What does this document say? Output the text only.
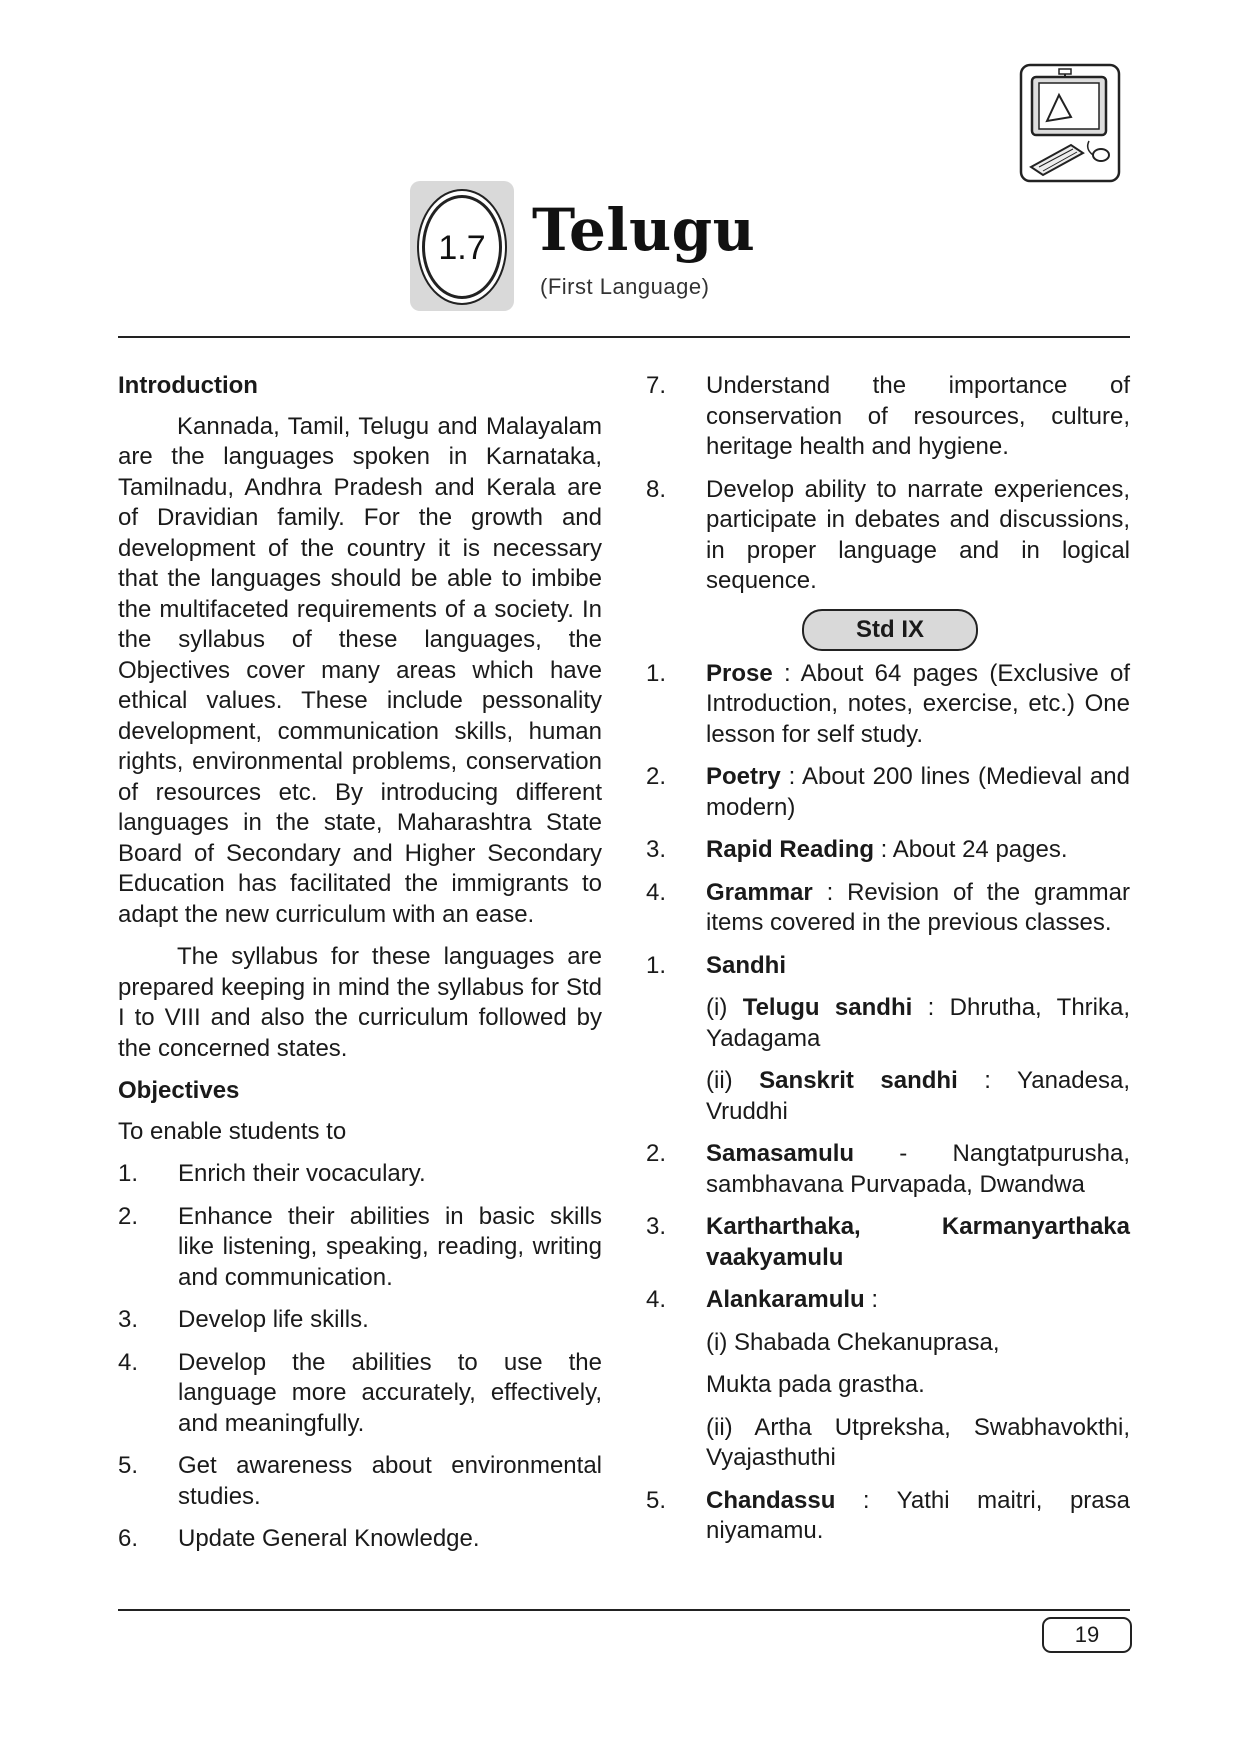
1.7 Telugu
(First Language)
Introduction
Kannada, Tamil, Telugu and Malayalam are the languages spoken in Karnataka, Tamilnadu, Andhra Pradesh and Kerala are of Dravidian family. For the growth and development of the country it is necessary that the languages should be able to imbibe the multifaceted requirements of a society. In the syllabus of these languages, the Objectives cover many areas which have ethical values. These include pessonality development, communication skills, human rights, environmental problems, conservation of resources etc. By introducing different languages in the state, Maharashtra State Board of Secondary and Higher Secondary Education has facilitated the immigrants to adapt the new curriculum with an ease.
The syllabus for these languages are prepared keeping in mind the syllabus for Std I to VIII and also the curriculum followed by the concerned states.
Objectives
To enable students to
1. Enrich their vocaculary.
2. Enhance their abilities in basic skills like listening, speaking, reading, writing and communication.
3. Develop life skills.
4. Develop the abilities to use the language more accurately, effectively, and meaningfully.
5. Get awareness about environmental studies.
6. Update General Knowledge.
7. Understand the importance of conservation of resources, culture, heritage health and hygiene.
8. Develop ability to narrate experiences, participate in debates and discussions, in proper language and in logical sequence.
Std IX
1. Prose : About 64 pages (Exclusive of Introduction, notes, exercise, etc.) One lesson for self study.
2. Poetry : About 200 lines (Medieval and modern)
3. Rapid Reading : About 24 pages.
4. Grammar : Revision of the grammar items covered in the previous classes.
1. Sandhi
(i) Telugu sandhi : Dhrutha, Thrika, Yadagama
(ii) Sanskrit sandhi : Yanadesa, Vruddhi
2. Samasamulu - Nangtatpurusha, sambhavana Purvapada, Dwandwa
3. Kartharthaka, Karmanyarthaka vaakyamulu
4. Alankaramulu :
(i) Shabada Chekanuprasa,
Mukta pada grastha.
(ii) Artha Utpreksha, Swabhavokthi, Vyajasthuthi
5. Chandassu : Yathi maitri, prasa niyamamu.
19
